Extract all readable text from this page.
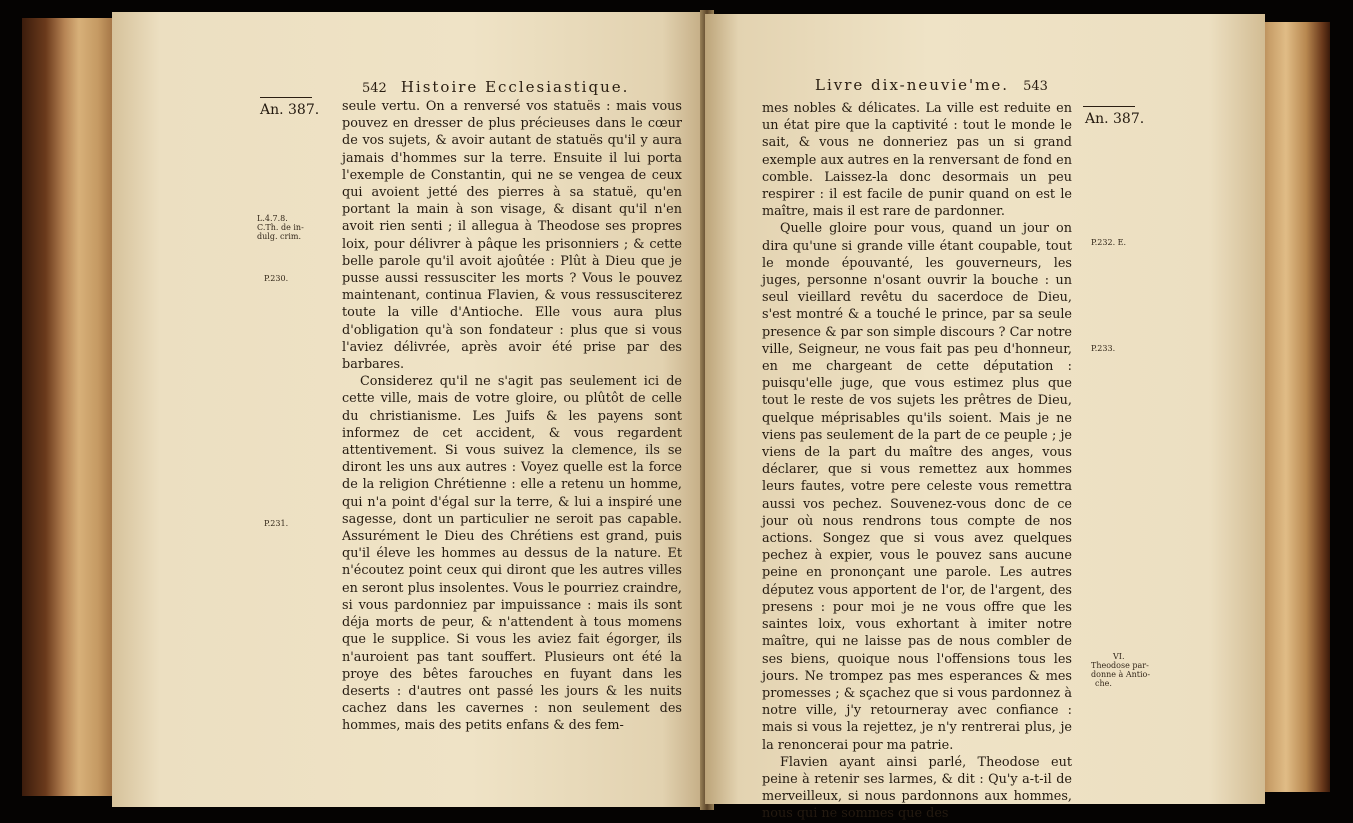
An. 387.
542 Histoire Ecclesiastique.
L.4.7.8.
C.Th. de in-
dulg. crim.
P.230.
P.231.

seule vertu. On a renversé vos statuës : mais vous pouvez en dresser de plus précieuses dans le cœur de vos sujets, & avoir autant de statuës qu'il y aura jamais d'hommes sur la terre. Ensuite il lui porta l'exemple de Constantin, qui ne se vengea de ceux qui avoient jetté des pierres à sa statuë, qu'en portant la main à son visage, & disant qu'il n'en avoit rien senti ; il allegua à Theodose ses propres loix, pour délivrer à pâque les prisonniers ; & cette belle parole qu'il avoit ajoûtée : Plût à Dieu que je pusse aussi ressusciter les morts ? Vous le pouvez maintenant, continua Flavien, & vous ressusciterez toute la ville d'Antioche. Elle vous aura plus d'obligation qu'à son fondateur : plus que si vous l'aviez délivrée, après avoir été prise par des barbares.

Considerez qu'il ne s'agit pas seulement ici de cette ville, mais de votre gloire, ou plûtôt de celle du christianisme. Les Juifs & les payens sont informez de cet accident, & vous regardent attentivement. Si vous suivez la clemence, ils se diront les uns aux autres : Voyez quelle est la force de la religion Chrétienne : elle a retenu un homme, qui n'a point d'égal sur la terre, & lui a inspiré une sagesse, dont un particulier ne seroit pas capable. Assurément le Dieu des Chrétiens est grand, puis qu'il éleve les hommes au dessus de la nature. Et n'écoutez point ceux qui diront que les autres villes en seront plus insolentes. Vous le pourriez craindre, si vous pardonniez par impuissance : mais ils sont déja morts de peur, & n'attendent à tous momens que le supplice. Si vous les aviez fait égorger, ils n'auroient pas tant souffert. Plusieurs ont été la proye des bêtes farouches en fuyant dans les deserts : d'autres ont passé les jours & les nuits cachez dans les cavernes : non seulement des hommes, mais des petits enfans & des fem-

Livre dix-neuvie'me. 543
An. 387.
P.232. E.
P.233.
VI.
Theodose par-
donne à Antio-
che.

mes nobles & délicates. La ville est reduite en un état pire que la captivité : tout le monde le sait, & vous ne donneriez pas un si grand exemple aux autres en la renversant de fond en comble. Laissez-la donc desormais un peu respirer : il est facile de punir quand on est le maître, mais il est rare de pardonner.

Quelle gloire pour vous, quand un jour on dira qu'une si grande ville étant coupable, tout le monde épouvanté, les gouverneurs, les juges, personne n'osant ouvrir la bouche : un seul vieillard revêtu du sacerdoce de Dieu, s'est montré & a touché le prince, par sa seule presence & par son simple discours ? Car notre ville, Seigneur, ne vous fait pas peu d'honneur, en me chargeant de cette députation : puisqu'elle juge, que vous estimez plus que tout le reste de vos sujets les prêtres de Dieu, quelque méprisables qu'ils soient. Mais je ne viens pas seulement de la part de ce peuple ; je viens de la part du maître des anges, vous déclarer, que si vous remettez aux hommes leurs fautes, votre pere celeste vous remettra aussi vos pechez. Souvenez-vous donc de ce jour où nous rendrons tous compte de nos actions. Songez que si vous avez quelques pechez à expier, vous le pouvez sans aucune peine en prononçant une parole. Les autres députez vous apportent de l'or, de l'argent, des presens : pour moi je ne vous offre que les saintes loix, vous exhortant à imiter notre maître, qui ne laisse pas de nous combler de ses biens, quoique nous l'offensions tous les jours. Ne trompez pas mes esperances & mes promesses ; & sçachez que si vous pardonnez à notre ville, j'y retourneray avec confiance : mais si vous la rejettez, je n'y rentrerai plus, je la renoncerai pour ma patrie.

Flavien ayant ainsi parlé, Theodose eut peine à retenir ses larmes, & dit : Qu'y a-t-il de merveilleux, si nous pardonnons aux hommes, nous qui ne sommes que des
